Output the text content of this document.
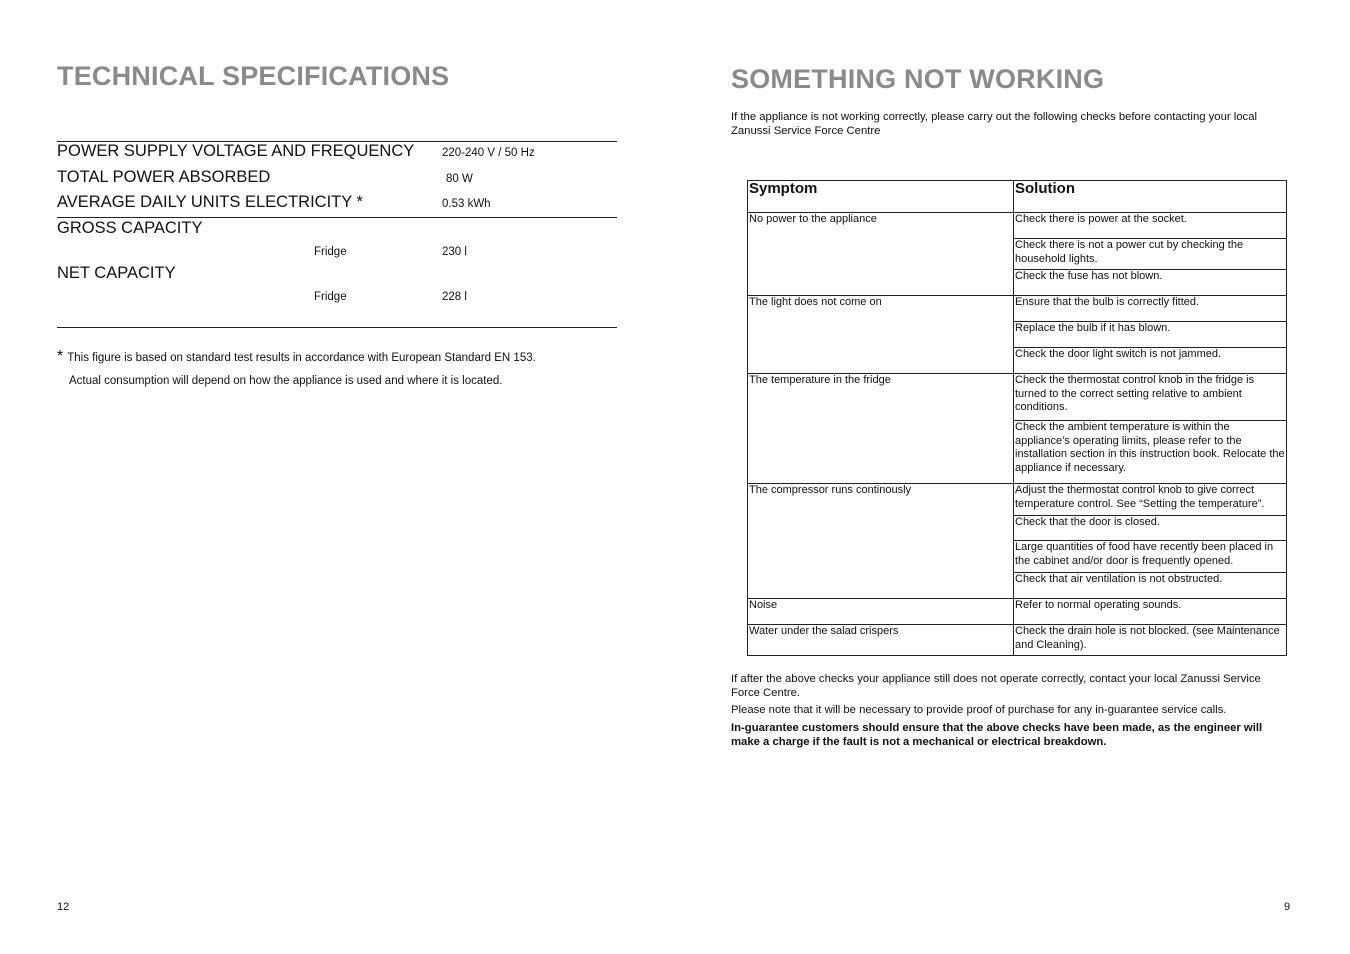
TECHNICAL SPECIFICATIONS
POWER SUPPLY VOLTAGE AND FREQUENCY 220-240 V / 50 Hz
TOTAL POWER ABSORBED	80 W
AVERAGE DAILY UNITS ELECTRICITY *	0.53 kWh
GROSS CAPACITY
Fridge	230 l
NET CAPACITY
Fridge	228 l
* This figure is based on standard test results in accordance with European Standard EN 153.
Actual consumption will depend on how the appliance is used and where it is located.
12
SOMETHING NOT WORKING
If the appliance is not working correctly, please carry out the following checks before contacting your local Zanussi Service Force Centre
Symptom	Solution
No power to the appliance	Check there is power at the socket.
	Check there is not a power cut by checking the household lights.
	Check the fuse has not blown.
The light does not come on	Ensure that the bulb is correctly fitted.
	Replace the bulb if it has blown.
	Check the door light switch is not jammed.
The temperature in the fridge	Check the thermostat control knob in the fridge is turned to the correct setting relative to ambient conditions.
	Check the ambient temperature is within the appliance’s operating limits, please refer to the installation section in this instruction book. Relocate the appliance if necessary.
The compressor runs continously	Adjust the thermostat control knob to give correct temperature control. See “Setting the temperature”.
	Check that the door is closed.
	Large quantities of food have recently been placed in the cabinet and/or door is frequently opened.
	Check that air ventilation is not obstructed.
Noise	Refer to normal operating sounds.
Water under the salad crispers	Check the drain hole is not blocked. (see Maintenance and Cleaning).
If after the above checks your appliance still does not operate correctly, contact your local Zanussi Service Force Centre.
Please note that it will be necessary to provide proof of purchase for any in-guarantee service calls.
In-guarantee customers should ensure that the above checks have been made, as the engineer will make a charge if the fault is not a mechanical or electrical breakdown.
9
